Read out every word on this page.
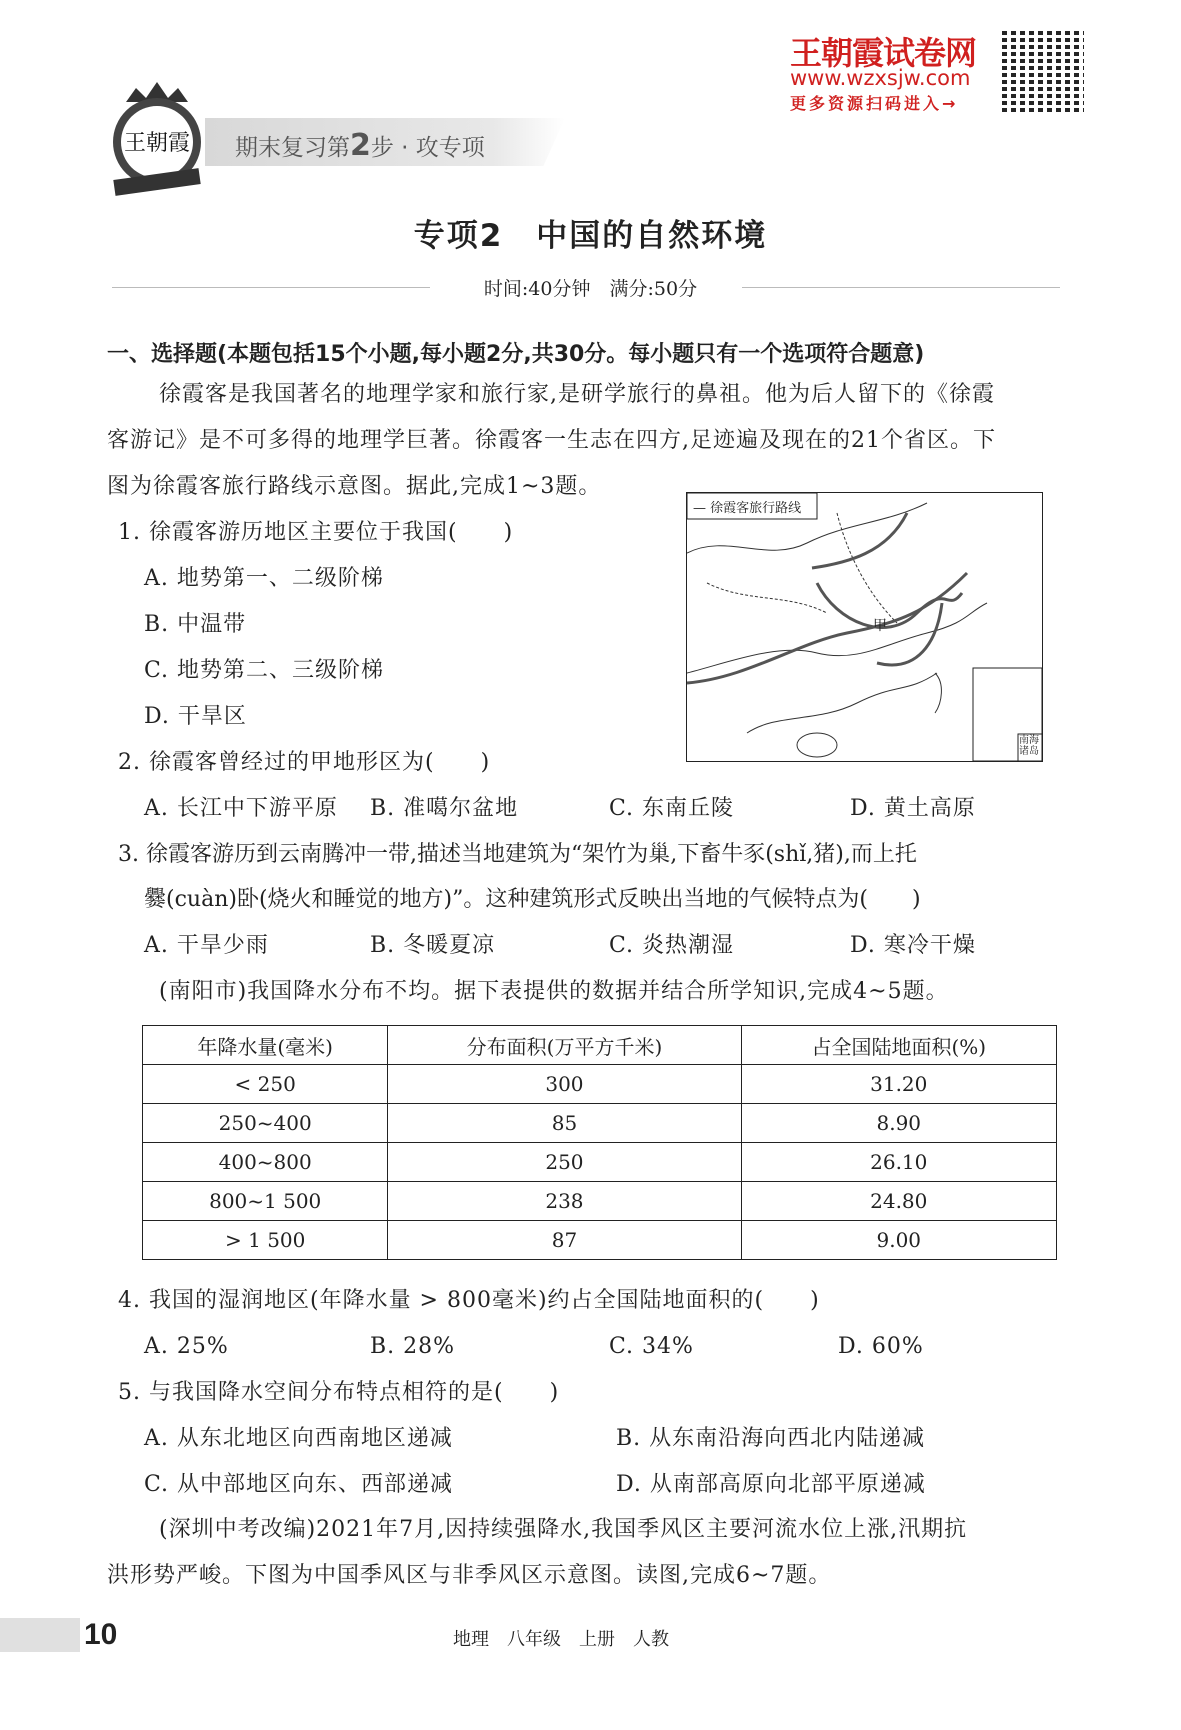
王朝霞试卷网
www.wzxsjw.com
更多资源扫码进入→
期末复习第2步 · 攻专项
王朝霞
专项2　中国的自然环境
时间:40分钟　满分:50分
一、选择题(本题包括15个小题,每小题2分,共30分。每小题只有一个选项符合题意)
徐霞客是我国著名的地理学家和旅行家,是研学旅行的鼻祖。他为后人留下的《徐霞
客游记》是不可多得的地理学巨著。徐霞客一生志在四方,足迹遍及现在的21个省区。下
图为徐霞客旅行路线示意图。据此,完成1~3题。
— 徐霞客旅行路线
甲
南海诸岛
1. 徐霞客游历地区主要位于我国(　　)
A. 地势第一、二级阶梯
B. 中温带
C. 地势第二、三级阶梯
D. 干旱区
2. 徐霞客曾经过的甲地形区为(　　)
A. 长江中下游平原 B. 准噶尔盆地	C. 东南丘陵	D. 黄土高原
3. 徐霞客游历到云南腾冲一带,描述当地建筑为“架竹为巢,下畜牛豕(shǐ,猪),而上托
爨(cuàn)卧(烧火和睡觉的地方)”。这种建筑形式反映出当地的气候特点为(　　)
A. 干旱少雨	B. 冬暖夏凉	C. 炎热潮湿	D. 寒冷干燥
(南阳市)我国降水分布不均。据下表提供的数据并结合所学知识,完成4~5题。
年降水量(毫米)	分布面积(万平方千米)	占全国陆地面积(%)
< 250	300	31.20
250~400	85	8.90
400~800	250	26.10
800~1 500	238	24.80
> 1 500	87	9.00
4. 我国的湿润地区(年降水量 > 800毫米)约占全国陆地面积的(　　)
A. 25%	B. 28%	C. 34%	D. 60%
5. 与我国降水空间分布特点相符的是(　　)
A. 从东北地区向西南地区递减	B. 从东南沿海向西北内陆递减
C. 从中部地区向东、西部递减	D. 从南部高原向北部平原递减
(深圳中考改编)2021年7月,因持续强降水,我国季风区主要河流水位上涨,汛期抗
洪形势严峻。下图为中国季风区与非季风区示意图。读图,完成6~7题。
10	地理　八年级　上册　人教
